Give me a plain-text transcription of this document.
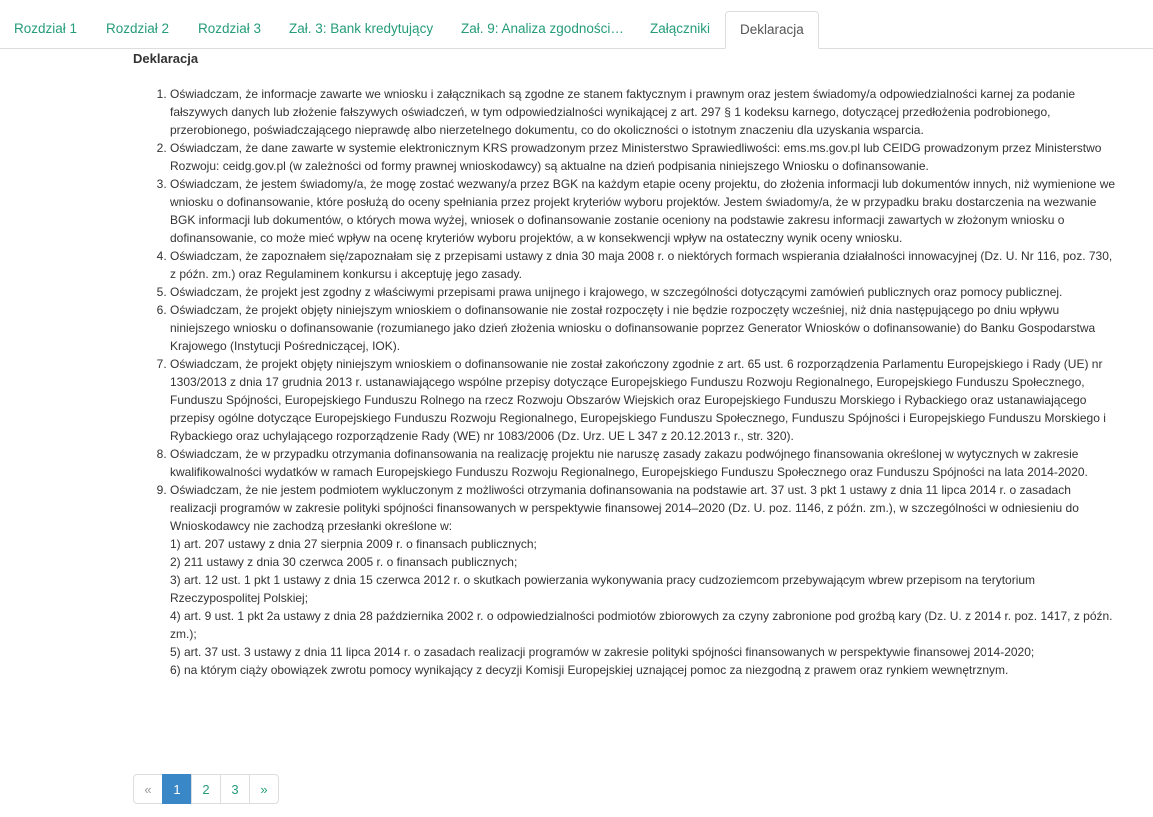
Rozdział 1	Rozdział 2	Rozdział 3	Zał. 3: Bank kredytujący	Zał. 9: Analiza zgodności…	Załączniki	Deklaracja
Deklaracja
1. Oświadczam, że informacje zawarte we wniosku i załącznikach są zgodne ze stanem faktycznym i prawnym oraz jestem świadomy/a odpowiedzialności karnej za podanie fałszywych danych lub złożenie fałszywych oświadczeń, w tym odpowiedzialności wynikającej z art. 297 § 1 kodeksu karnego, dotyczącej przedłożenia podrobionego, przerobionego, poświadczającego nieprawdę albo nierzetelnego dokumentu, co do okoliczności o istotnym znaczeniu dla uzyskania wsparcia.
2. Oświadczam, że dane zawarte w systemie elektronicznym KRS prowadzonym przez Ministerstwo Sprawiedliwości: ems.ms.gov.pl lub CEIDG prowadzonym przez Ministerstwo Rozwoju: ceidg.gov.pl (w zależności od formy prawnej wnioskodawcy) są aktualne na dzień podpisania niniejszego Wniosku o dofinansowanie.
3. Oświadczam, że jestem świadomy/a, że mogę zostać wezwany/a przez BGK na każdym etapie oceny projektu, do złożenia informacji lub dokumentów innych, niż wymienione we wniosku o dofinansowanie, które posłużą do oceny spełniania przez projekt kryteriów wyboru projektów. Jestem świadomy/a, że w przypadku braku dostarczenia na wezwanie BGK informacji lub dokumentów, o których mowa wyżej, wniosek o dofinansowanie zostanie oceniony na podstawie zakresu informacji zawartych w złożonym wniosku o dofinansowanie, co może mieć wpływ na ocenę kryteriów wyboru projektów, a w konsekwencji wpływ na ostateczny wynik oceny wniosku.
4. Oświadczam, że zapoznałem się/zapoznałam się z przepisami ustawy z dnia 30 maja 2008 r. o niektórych formach wspierania działalności innowacyjnej (Dz. U. Nr 116, poz. 730, z późn. zm.) oraz Regulaminem konkursu i akceptuję jego zasady.
5. Oświadczam, że projekt jest zgodny z właściwymi przepisami prawa unijnego i krajowego, w szczególności dotyczącymi zamówień publicznych oraz pomocy publicznej.
6. Oświadczam, że projekt objęty niniejszym wnioskiem o dofinansowanie nie został rozpoczęty i nie będzie rozpoczęty wcześniej, niż dnia następującego po dniu wpływu niniejszego wniosku o dofinansowanie (rozumianego jako dzień złożenia wniosku o dofinansowanie poprzez Generator Wniosków o dofinansowanie) do Banku Gospodarstwa Krajowego (Instytucji Pośredniczącej, IOK).
7. Oświadczam, że projekt objęty niniejszym wnioskiem o dofinansowanie nie został zakończony zgodnie z art. 65 ust. 6 rozporządzenia Parlamentu Europejskiego i Rady (UE) nr 1303/2013 z dnia 17 grudnia 2013 r. ustanawiającego wspólne przepisy dotyczące Europejskiego Funduszu Rozwoju Regionalnego, Europejskiego Funduszu Społecznego, Funduszu Spójności, Europejskiego Funduszu Rolnego na rzecz Rozwoju Obszarów Wiejskich oraz Europejskiego Funduszu Morskiego i Rybackiego oraz ustanawiającego przepisy ogólne dotyczące Europejskiego Funduszu Rozwoju Regionalnego, Europejskiego Funduszu Społecznego, Funduszu Spójności i Europejskiego Funduszu Morskiego i Rybackiego oraz uchylającego rozporządzenie Rady (WE) nr 1083/2006 (Dz. Urz. UE L 347 z 20.12.2013 r., str. 320).
8. Oświadczam, że w przypadku otrzymania dofinansowania na realizację projektu nie naruszę zasady zakazu podwójnego finansowania określonej w wytycznych w zakresie kwalifikowalności wydatków w ramach Europejskiego Funduszu Rozwoju Regionalnego, Europejskiego Funduszu Społecznego oraz Funduszu Spójności na lata 2014-2020.
9. Oświadczam, że nie jestem podmiotem wykluczonym z możliwości otrzymania dofinansowania na podstawie art. 37 ust. 3 pkt 1 ustawy z dnia 11 lipca 2014 r. o zasadach realizacji programów w zakresie polityki spójności finansowanych w perspektywie finansowej 2014–2020 (Dz. U. poz. 1146, z późn. zm.), w szczególności w odniesieniu do Wnioskodawcy nie zachodzą przesłanki określone w:
1) art. 207 ustawy z dnia 27 sierpnia 2009 r. o finansach publicznych;
2) 211 ustawy z dnia 30 czerwca 2005 r. o finansach publicznych;
3) art. 12 ust. 1 pkt 1 ustawy z dnia 15 czerwca 2012 r. o skutkach powierzania wykonywania pracy cudzoziemcom przebywającym wbrew przepisom na terytorium Rzeczypospolitej Polskiej;
4) art. 9 ust. 1 pkt 2a ustawy z dnia 28 października 2002 r. o odpowiedzialności podmiotów zbiorowych za czyny zabronione pod groźbą kary (Dz. U. z 2014 r. poz. 1417, z późn. zm.);
5) art. 37 ust. 3 ustawy z dnia 11 lipca 2014 r. o zasadach realizacji programów w zakresie polityki spójności finansowanych w perspektywie finansowej 2014-2020;
6) na którym ciąży obowiązek zwrotu pomocy wynikający z decyzji Komisji Europejskiej uznającej pomoc za niezgodną z prawem oraz rynkiem wewnętrznym.
«	1	2	3	»
